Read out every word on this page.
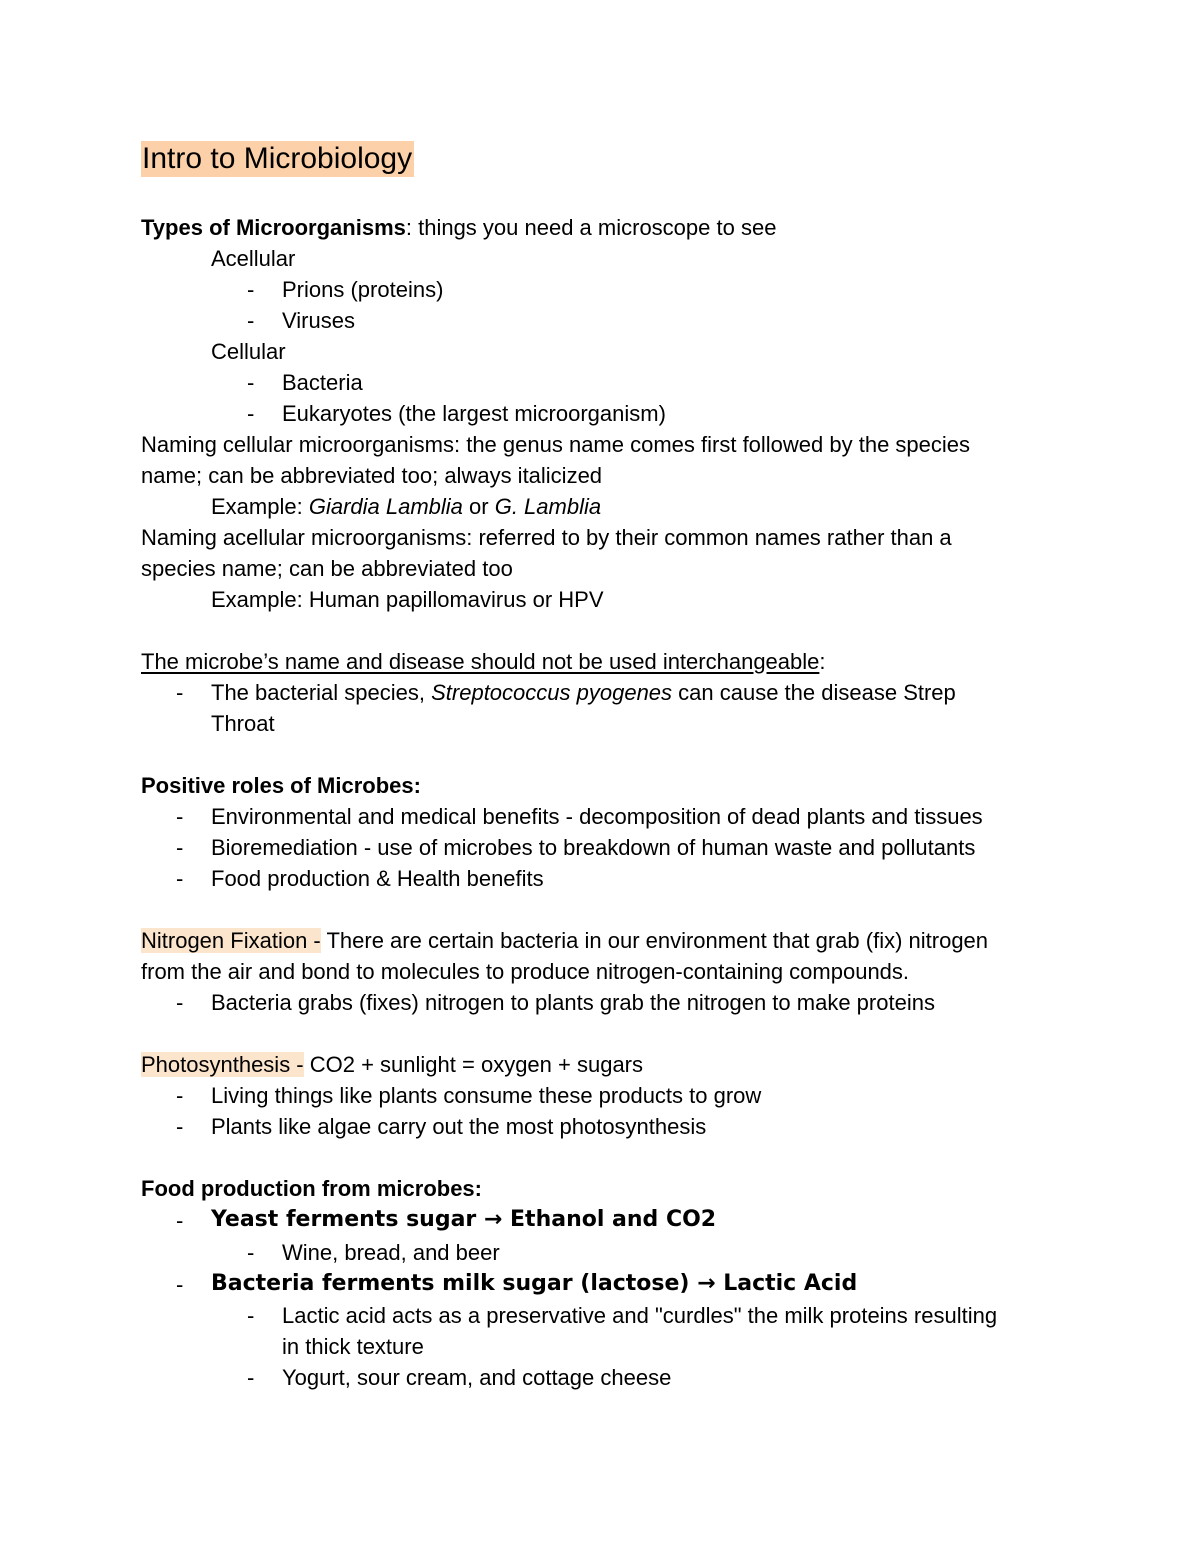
Intro to Microbiology
Types of Microorganisms: things you need a microscope to see
Acellular
- Prions (proteins)
- Viruses
Cellular
- Bacteria
- Eukaryotes (the largest microorganism)
Naming cellular microorganisms: the genus name comes first followed by the species
name; can be abbreviated too; always italicized
Example: Giardia Lamblia or G. Lamblia
Naming acellular microorganisms: referred to by their common names rather than a
species name; can be abbreviated too
Example: Human papillomavirus or HPV
The microbe’s name and disease should not be used interchangeable:
- The bacterial species, Streptococcus pyogenes can cause the disease Strep
Throat
Positive roles of Microbes:
- Environmental and medical benefits - decomposition of dead plants and tissues
- Bioremediation - use of microbes to breakdown of human waste and pollutants
- Food production & Health benefits
Nitrogen Fixation - There are certain bacteria in our environment that grab (fix) nitrogen
from the air and bond to molecules to produce nitrogen-containing compounds.
- Bacteria grabs (fixes) nitrogen to plants grab the nitrogen to make proteins
Photosynthesis - CO2 + sunlight = oxygen + sugars
- Living things like plants consume these products to grow
- Plants like algae carry out the most photosynthesis
Food production from microbes:
- Yeast ferments sugar → Ethanol and CO2
- Wine, bread, and beer
- Bacteria ferments milk sugar (lactose) → Lactic Acid
- Lactic acid acts as a preservative and "curdles" the milk proteins resulting
in thick texture
- Yogurt, sour cream, and cottage cheese
